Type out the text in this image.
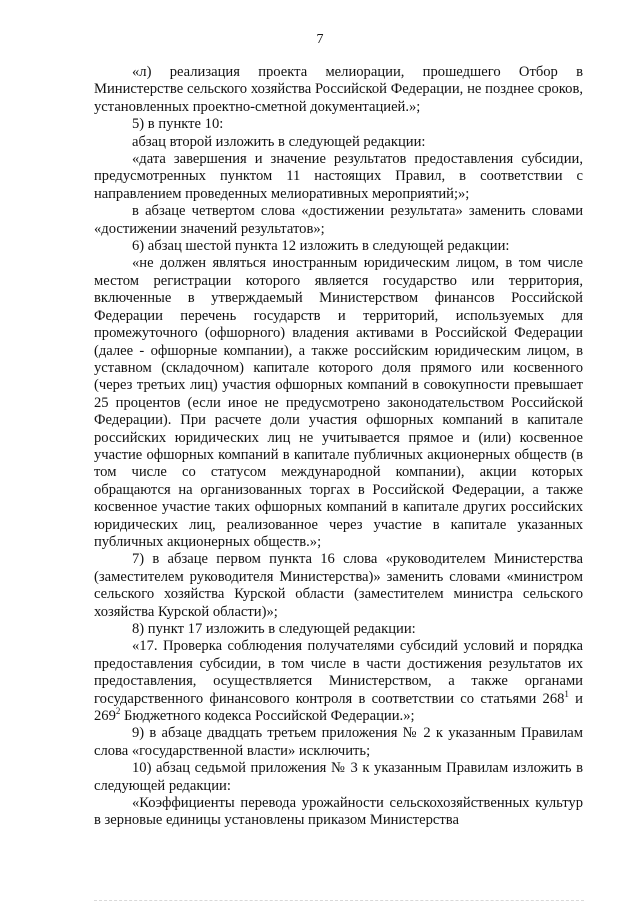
7

«л) реализация проекта мелиорации, прошедшего Отбор в Министерстве сельского хозяйства Российской Федерации, не позднее сроков, установленных проектно-сметной документацией.»;

5) в пункте 10:

абзац второй изложить в следующей редакции:

«дата завершения и значение результатов предоставления субсидии, предусмотренных пунктом 11 настоящих Правил, в соответствии с направлением проведенных мелиоративных мероприятий;»;

в абзаце четвертом слова «достижении результата» заменить словами «достижении значений результатов»;

6) абзац шестой пункта 12 изложить в следующей редакции:

«не должен являться иностранным юридическим лицом, в том числе местом регистрации которого является государство или территория, включенные в утверждаемый Министерством финансов Российской Федерации перечень государств и территорий, используемых для промежуточного (офшорного) владения активами в Российской Федерации (далее - офшорные компании), а также российским юридическим лицом, в уставном (складочном) капитале которого доля прямого или косвенного (через третьих лиц) участия офшорных компаний в совокупности превышает 25 процентов (если иное не предусмотрено законодательством Российской Федерации). При расчете доли участия офшорных компаний в капитале российских юридических лиц не учитывается прямое и (или) косвенное участие офшорных компаний в капитале публичных акционерных обществ (в том числе со статусом международной компании), акции которых обращаются на организованных торгах в Российской Федерации, а также косвенное участие таких офшорных компаний в капитале других российских юридических лиц, реализованное через участие в капитале указанных публичных акционерных обществ.»;

7) в абзаце первом пункта 16 слова «руководителем Министерства (заместителем руководителя Министерства)» заменить словами «министром сельского хозяйства Курской области (заместителем министра сельского хозяйства Курской области)»;

8) пункт 17 изложить в следующей редакции:

«17. Проверка соблюдения получателями субсидий условий и порядка предоставления субсидии, в том числе в части достижения результатов их предоставления, осуществляется Министерством, а также органами государственного финансового контроля в соответствии со статьями $268^1$ и $269^2$ Бюджетного кодекса Российской Федерации.»;

9) в абзаце двадцать третьем приложения № 2 к указанным Правилам слова «государственной власти» исключить;

10) абзац седьмой приложения № 3 к указанным Правилам изложить в следующей редакции:

«Коэффициенты перевода урожайности сельскохозяйственных культур в зерновые единицы установлены приказом Министерства
